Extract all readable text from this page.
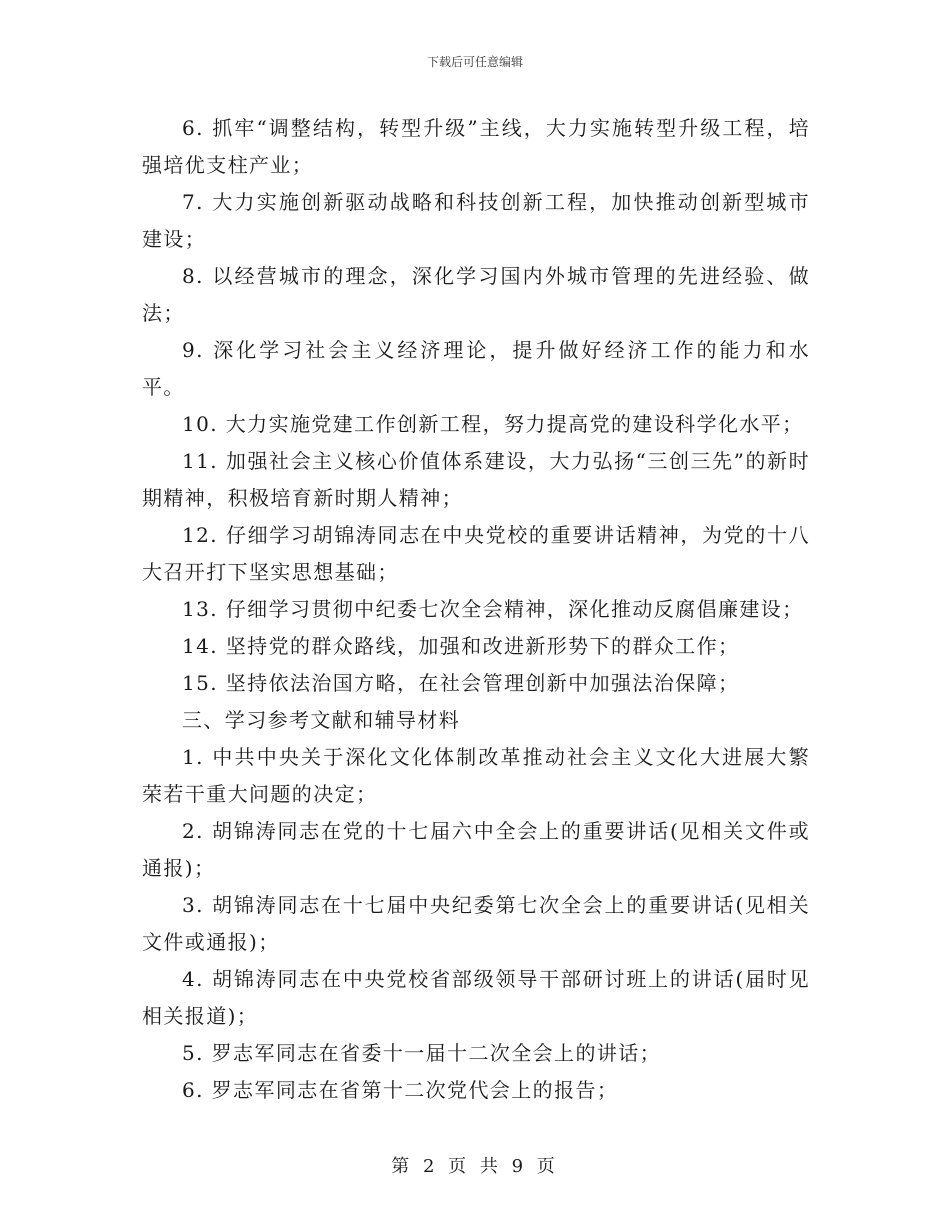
下载后可任意编辑

6. 抓牢“调整结构，转型升级”主线，大力实施转型升级工程，培强培优支柱产业；

7. 大力实施创新驱动战略和科技创新工程，加快推动创新型城市建设；

8. 以经营城市的理念，深化学习国内外城市管理的先进经验、做法；

9. 深化学习社会主义经济理论，提升做好经济工作的能力和水平。

10. 大力实施党建工作创新工程，努力提高党的建设科学化水平；

11. 加强社会主义核心价值体系建设，大力弘扬“三创三先”的新时期精神，积极培育新时期人精神；

12. 仔细学习胡锦涛同志在中央党校的重要讲话精神，为党的十八大召开打下坚实思想基础；

13. 仔细学习贯彻中纪委七次全会精神，深化推动反腐倡廉建设；

14. 坚持党的群众路线，加强和改进新形势下的群众工作；

15. 坚持依法治国方略，在社会管理创新中加强法治保障；

三、学习参考文献和辅导材料

1. 中共中央关于深化文化体制改革推动社会主义文化大进展大繁荣若干重大问题的决定；

2. 胡锦涛同志在党的十七届六中全会上的重要讲话(见相关文件或通报)；

3. 胡锦涛同志在十七届中央纪委第七次全会上的重要讲话(见相关文件或通报)；

4. 胡锦涛同志在中央党校省部级领导干部研讨班上的讲话(届时见相关报道)；

5. 罗志军同志在省委十一届十二次全会上的讲话；

6. 罗志军同志在省第十二次党代会上的报告；

第 2 页 共 9 页
